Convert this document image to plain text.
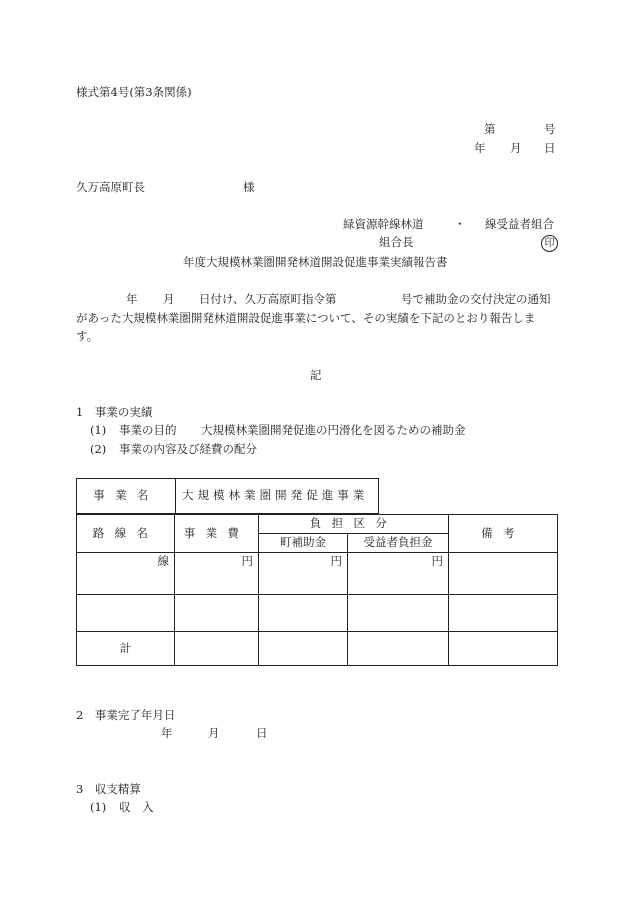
様式第4号(第3条関係)
第	号
年 月 日
久万高原町長	様
緑資源幹線林道	・ 線受益者組合
組合長	印
年度大規模林業圏開発林道開設促進事業実績報告書
年 月 日付け、久万高原町指令第	号で補助金の交付決定の通知
があった大規模林業圏開発林道開設促進事業について、その実績を下記のとおり報告しま
す。
記
1　事業の実績
(1) 事業の目的 大規模林業圏開発促進の円滑化を図るための補助金
(2) 事業の内容及び経費の配分
事業名	大規模林業圏開発促進事業
路線名	事業費	負担区分		備考
		町補助金	受益者負担金	
線	円	円	円	

計				
2　事業完了年月日
年	月	日
3　収支精算
(1) 収　入
